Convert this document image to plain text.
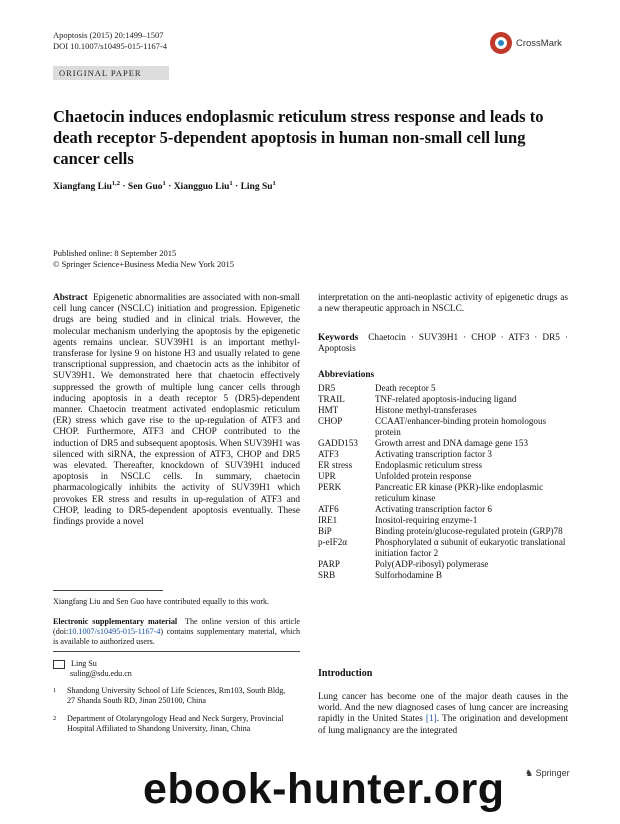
Apoptosis (2015) 20:1499–1507
DOI 10.1007/s10495-015-1167-4	CrossMark
ORIGINAL PAPER
Chaetocin induces endoplasmic reticulum stress response and leads to death receptor 5-dependent apoptosis in human non-small cell lung cancer cells
Xiangfang Liu$^{1,2}$ · Sen Guo$^1$ · Xiangguo Liu$^1$ · Ling Su$^1$
Published online: 8 September 2015
© Springer Science+Business Media New York 2015
Abstract Epigenetic abnormalities are associated with non-small cell lung cancer (NSCLC) initiation and progression. Epigenetic drugs are being studied and in clinical trials. However, the molecular mechanism underlying the apoptosis by the epigenetic agents remains unclear. SUV39H1 is an important methyl-transferase for lysine 9 on histone H3 and usually related to gene transcriptional suppression, and chaetocin acts as the inhibitor of SUV39H1. We demonstrated here that chaetocin effectively suppressed the growth of multiple lung cancer cells through inducing apoptosis in a death receptor 5 (DR5)-dependent manner. Chaetocin treatment activated endoplasmic reticulum (ER) stress which gave rise to the up-regulation of ATF3 and CHOP. Furthermore, ATF3 and CHOP contributed to the induction of DR5 and subsequent apoptosis. When SUV39H1 was silenced with siRNA, the expression of ATF3, CHOP and DR5 was elevated. Thereafter, knockdown of SUV39H1 induced apoptosis in NSCLC cells. In summary, chaetocin pharmacologically inhibits the activity of SUV39H1 which provokes ER stress and results in up-regulation of ATF3 and CHOP, leading to DR5-dependent apoptosis eventually. These findings provide a novel
Xiangfang Liu and Sen Guo have contributed equally to this work.
Electronic supplementary material The online version of this article (doi:10.1007/s10495-015-1167-4) contains supplementary material, which is available to authorized users.
Ling Su
suling@sdu.edu.cn
1 Shandong University School of Life Sciences, Rm103, South Bldg, 27 Shanda South RD, Jinan 250100, China
2 Department of Otolaryngology Head and Neck Surgery, Provincial Hospital Affiliated to Shandong University, Jinan, China
interpretation on the anti-neoplastic activity of epigenetic drugs as a new therapeutic approach in NSCLC.
Keywords Chaetocin · SUV39H1 · CHOP · ATF3 · DR5 · Apoptosis
Abbreviations
DR5	Death receptor 5
TRAIL	TNF-related apoptosis-inducing ligand
HMT	Histone methyl-transferases
CHOP	CCAAT/enhancer-binding protein homologous protein
GADD153	Growth arrest and DNA damage gene 153
ATF3	Activating transcription factor 3
ER stress	Endoplasmic reticulum stress
UPR	Unfolded protein response
PERK	Pancreatic ER kinase (PKR)-like endoplasmic reticulum kinase
ATF6	Activating transcription factor 6
IRE1	Inositol-requiring enzyme-1
BiP	Binding protein/glucose-regulated protein (GRP)78
p-eIF2α	Phosphorylated α subunit of eukaryotic translational initiation factor 2
PARP	Poly(ADP-ribosyl) polymerase
SRB	Sulforhodamine B
Introduction
Lung cancer has become one of the major death causes in the world. And the new diagnosed cases of lung cancer are increasing rapidly in the United States [1]. The origination and development of lung malignancy are the integrated
♞ Springer
ebook-hunter.org
